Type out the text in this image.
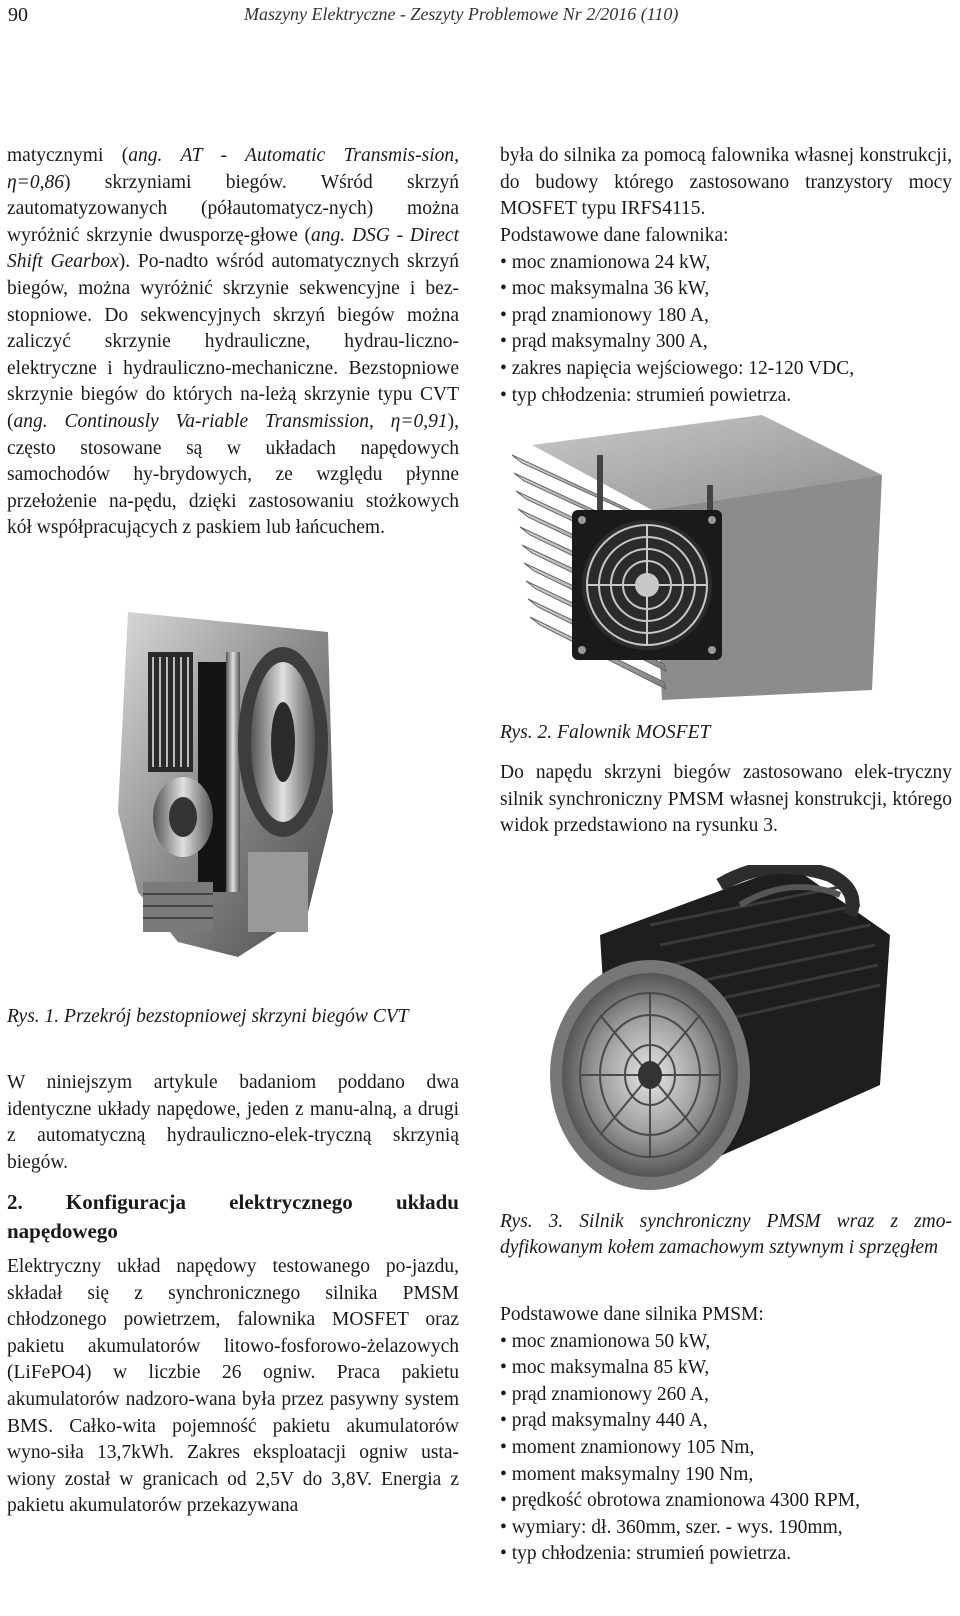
90	Maszyny Elektryczne - Zeszyty Problemowe Nr 2/2016 (110)

matycznymi (ang. AT - Automatic Transmis-sion, η=0,86) skrzyniami biegów. Wśród skrzyń zautomatyzowanych (półautomatycz-nych) można wyróżnić skrzynie dwusporzę-głowe (ang. DSG - Direct Shift Gearbox). Po-nadto wśród automatycznych skrzyń biegów, można wyróżnić skrzynie sekwencyjne i bez-stopniowe. Do sekwencyjnych skrzyń biegów można zaliczyć skrzynie hydrauliczne, hydrau-liczno-elektryczne i hydrauliczno-mechaniczne. Bezstopniowe skrzynie biegów do których na-leżą skrzynie typu CVT (ang. Continously Va-riable Transmission, η=0,91), często stosowane są w układach napędowych samochodów hy-brydowych, ze względu płynne przełożenie na-pędu, dzięki zastosowaniu stożkowych kół współpracujących z paskiem lub łańcuchem.

Rys. 1. Przekrój bezstopniowej skrzyni biegów CVT
W niniejszym artykule badaniom poddano dwa identyczne układy napędowe, jeden z manu-alną, a drugi z automatyczną hydrauliczno-elek-tryczną skrzynią biegów.
2. Konfiguracja elektrycznego układu napędowego
Elektryczny układ napędowy testowanego po-jazdu, składał się z synchronicznego silnika PMSM chłodzonego powietrzem, falownika MOSFET oraz pakietu akumulatorów litowo-fosforowo-żelazowych (LiFePO4) w liczbie 26 ogniw. Praca pakietu akumulatorów nadzoro-wana była przez pasywny system BMS. Całko-wita pojemność pakietu akumulatorów wyno-siła 13,7kWh. Zakres eksploatacji ogniw usta-wiony został w granicach od 2,5V do 3,8V. Energia z pakietu akumulatorów przekazywana
była do silnika za pomocą falownika własnej konstrukcji, do budowy którego zastosowano tranzystory mocy MOSFET typu IRFS4115.

Podstawowe dane falownika:

• moc znamionowa 24 kW,
• moc maksymalna 36 kW,
• prąd znamionowy 180 A,
• prąd maksymalny 300 A,
• zakres napięcia wejściowego: 12-120 VDC,
• typ chłodzenia: strumień powietrza.
Rys. 2. Falownik MOSFET
Do napędu skrzyni biegów zastosowano elek-tryczny silnik synchroniczny PMSM własnej konstrukcji, którego widok przedstawiono na rysunku 3.
Rys. 3. Silnik synchroniczny PMSM wraz z zmo-dyfikowanym kołem zamachowym sztywnym i sprzęgłem

Podstawowe dane silnika PMSM:

• moc znamionowa 50 kW,
• moc maksymalna 85 kW,
• prąd znamionowy 260 A,
• prąd maksymalny 440 A,
• moment znamionowy 105 Nm,
• moment maksymalny 190 Nm,
• prędkość obrotowa znamionowa 4300 RPM,
• wymiary: dł. 360mm, szer. - wys. 190mm,
• typ chłodzenia: strumień powietrza.
